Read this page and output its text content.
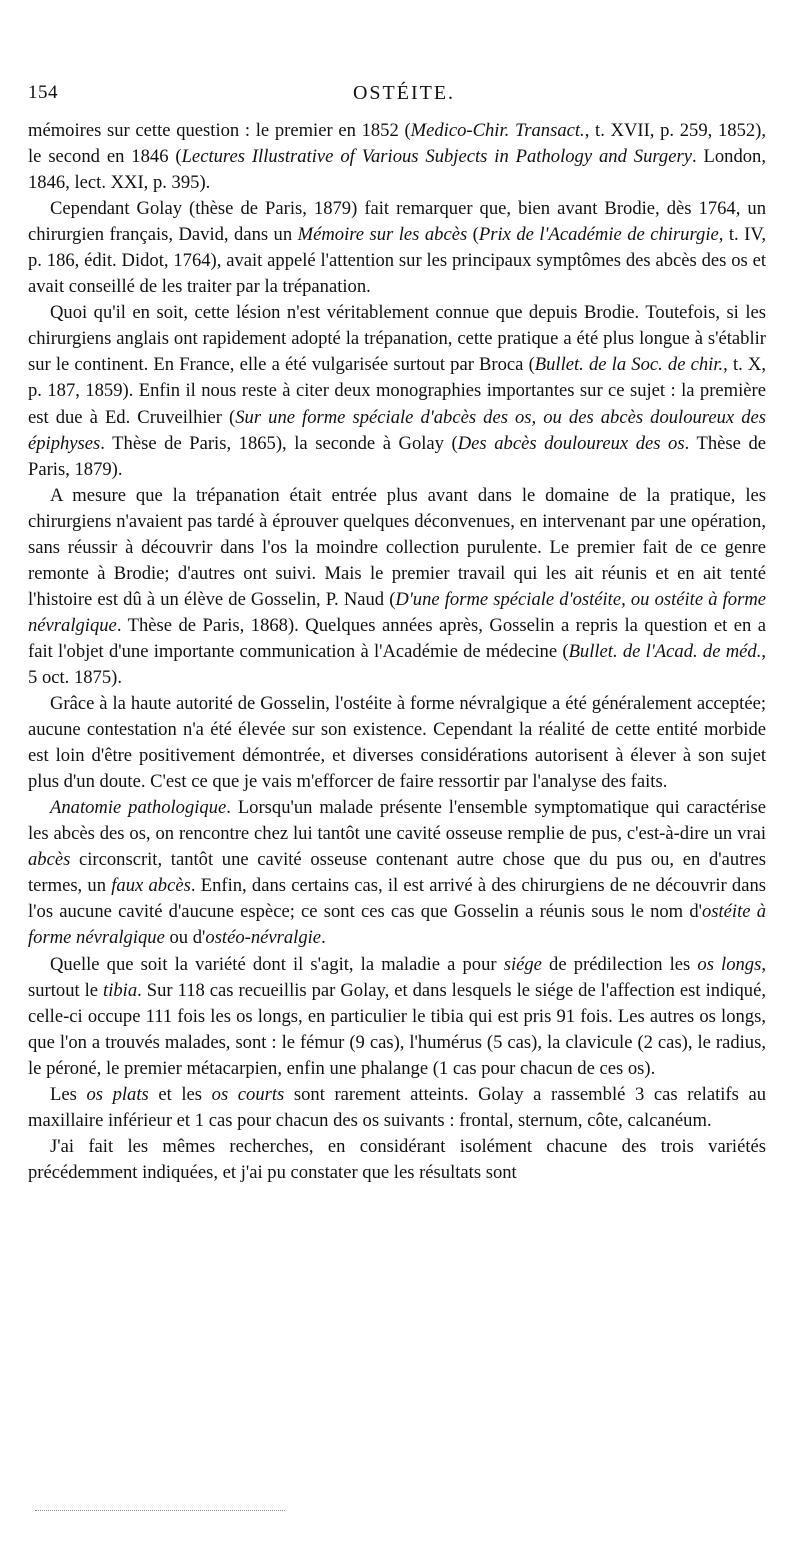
154	OSTÉITE.

mémoires sur cette question : le premier en 1852 (Medico-Chir. Transact., t. XVII, p. 259, 1852), le second en 1846 (Lectures Illustrative of Various Subjects in Pathology and Surgery. London, 1846, lect. XXI, p. 395).

Cependant Golay (thèse de Paris, 1879) fait remarquer que, bien avant Brodie, dès 1764, un chirurgien français, David, dans un Mémoire sur les abcès (Prix de l'Académie de chirurgie, t. IV, p. 186, édit. Didot, 1764), avait appelé l'attention sur les principaux symptômes des abcès des os et avait conseillé de les traiter par la trépanation.

Quoi qu'il en soit, cette lésion n'est véritablement connue que depuis Brodie. Toutefois, si les chirurgiens anglais ont rapidement adopté la trépanation, cette pratique a été plus longue à s'établir sur le continent. En France, elle a été vulgarisée surtout par Broca (Bullet. de la Soc. de chir., t. X, p. 187, 1859). Enfin il nous reste à citer deux monographies importantes sur ce sujet : la première est due à Ed. Cruveilhier (Sur une forme spéciale d'abcès des os, ou des abcès douloureux des épiphyses. Thèse de Paris, 1865), la seconde à Golay (Des abcès douloureux des os. Thèse de Paris, 1879).

A mesure que la trépanation était entrée plus avant dans le domaine de la pratique, les chirurgiens n'avaient pas tardé à éprouver quelques déconvenues, en intervenant par une opération, sans réussir à découvrir dans l'os la moindre collection purulente. Le premier fait de ce genre remonte à Brodie; d'autres ont suivi. Mais le premier travail qui les ait réunis et en ait tenté l'histoire est dû à un élève de Gosselin, P. Naud (D'une forme spéciale d'ostéite, ou ostéite à forme névralgique. Thèse de Paris, 1868). Quelques années après, Gosselin a repris la question et en a fait l'objet d'une importante communication à l'Académie de médecine (Bullet. de l'Acad. de méd., 5 oct. 1875).

Grâce à la haute autorité de Gosselin, l'ostéite à forme névralgique a été généralement acceptée; aucune contestation n'a été élevée sur son existence. Cependant la réalité de cette entité morbide est loin d'être positivement démontrée, et diverses considérations autorisent à élever à son sujet plus d'un doute. C'est ce que je vais m'efforcer de faire ressortir par l'analyse des faits.

Anatomie pathologique. Lorsqu'un malade présente l'ensemble symptomatique qui caractérise les abcès des os, on rencontre chez lui tantôt une cavité osseuse remplie de pus, c'est-à-dire un vrai abcès circonscrit, tantôt une cavité osseuse contenant autre chose que du pus ou, en d'autres termes, un faux abcès. Enfin, dans certains cas, il est arrivé à des chirurgiens de ne découvrir dans l'os aucune cavité d'aucune espèce; ce sont ces cas que Gosselin a réunis sous le nom d'ostéite à forme névralgique ou d'ostéo-névralgie.

Quelle que soit la variété dont il s'agit, la maladie a pour siége de prédilection les os longs, surtout le tibia. Sur 118 cas recueillis par Golay, et dans lesquels le siége de l'affection est indiqué, celle-ci occupe 111 fois les os longs, en particulier le tibia qui est pris 91 fois. Les autres os longs, que l'on a trouvés malades, sont : le fémur (9 cas), l'humérus (5 cas), la clavicule (2 cas), le radius, le péroné, le premier métacarpien, enfin une phalange (1 cas pour chacun de ces os).

Les os plats et les os courts sont rarement atteints. Golay a rassemblé 3 cas relatifs au maxillaire inférieur et 1 cas pour chacun des os suivants : frontal, sternum, côte, calcanéum.

J'ai fait les mêmes recherches, en considérant isolément chacune des trois variétés précédemment indiquées, et j'ai pu constater que les résultats sont
